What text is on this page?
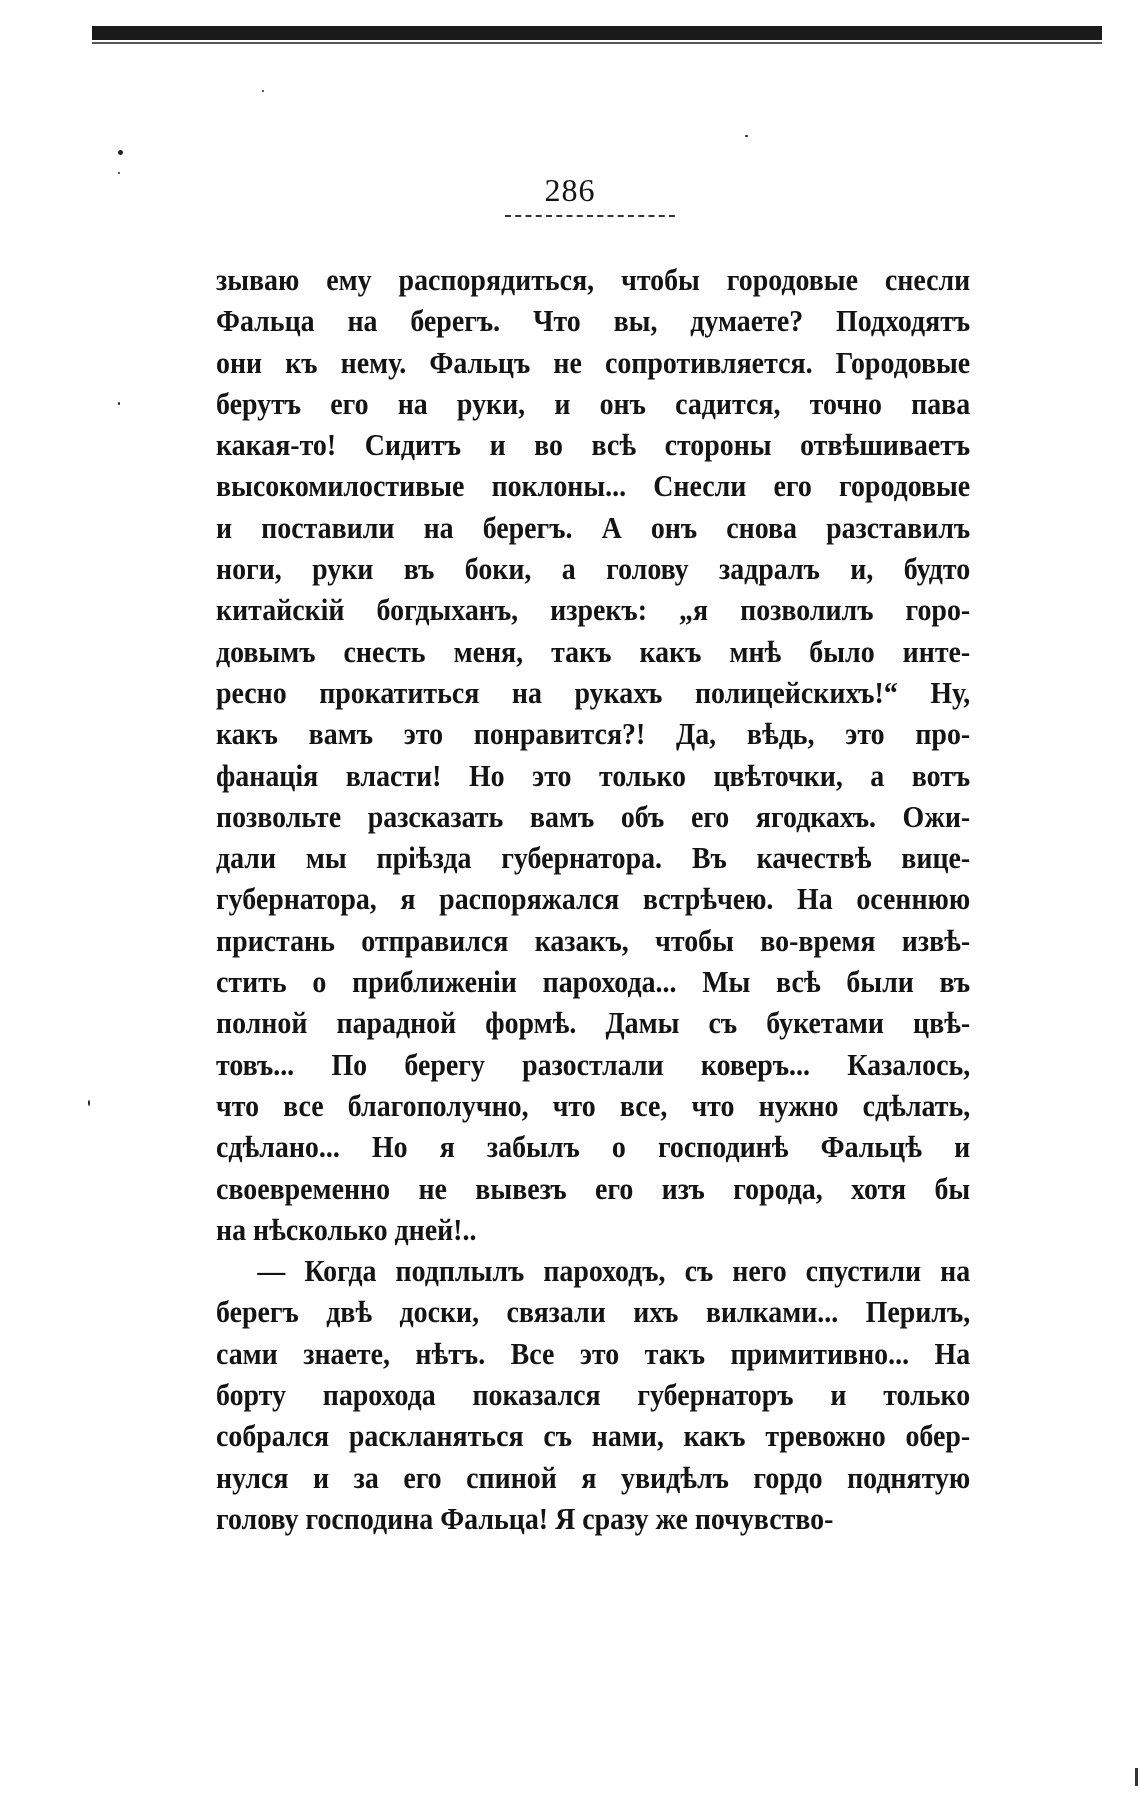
286
зываю ему распорядиться, чтобы городовые снесли
Фальца на берегъ. Что вы, думаете? Подходятъ
они къ нему. Фальцъ не сопротивляется. Городовые
берутъ его на руки, и онъ садится, точно пава
какая-то! Сидитъ и во всѣ стороны отвѣшиваетъ
высокомилостивые поклоны... Снесли его городовые
и поставили на берегъ. А онъ снова разставилъ
ноги, руки въ боки, а голову задралъ и, будто
китайскій богдыханъ, изрекъ: „я позволилъ горо-
довымъ снесть меня, такъ какъ мнѣ было инте-
ресно прокатиться на рукахъ полицейскихъ!“ Ну,
какъ вамъ это понравится?! Да, вѣдь, это про-
фанація власти! Но это только цвѣточки, а вотъ
позвольте разсказать вамъ объ его ягодкахъ. Ожи-
дали мы пріѣзда губернатора. Въ качествѣ вице-
губернатора, я распоряжался встрѣчею. На осеннюю
пристань отправился казакъ, чтобы во-время извѣ-
стить о приближеніи парохода... Мы всѣ были въ
полной парадной формѣ. Дамы съ букетами цвѣ-
товъ... По берегу разостлали коверъ... Казалось,
что все благополучно, что все, что нужно сдѣлать,
сдѣлано... Но я забылъ о господинѣ Фальцѣ и
своевременно не вывезъ его изъ города, хотя бы
на нѣсколько дней!..
— Когда подплылъ пароходъ, съ него спустили на
берегъ двѣ доски, связали ихъ вилками... Перилъ,
сами знаете, нѣтъ. Все это такъ примитивно... На
борту парохода показался губернаторъ и только
собрался раскланяться съ нами, какъ тревожно обер-
нулся и за его спиной я увидѣлъ гордо поднятую
голову господина Фальца! Я сразу же почувство-
